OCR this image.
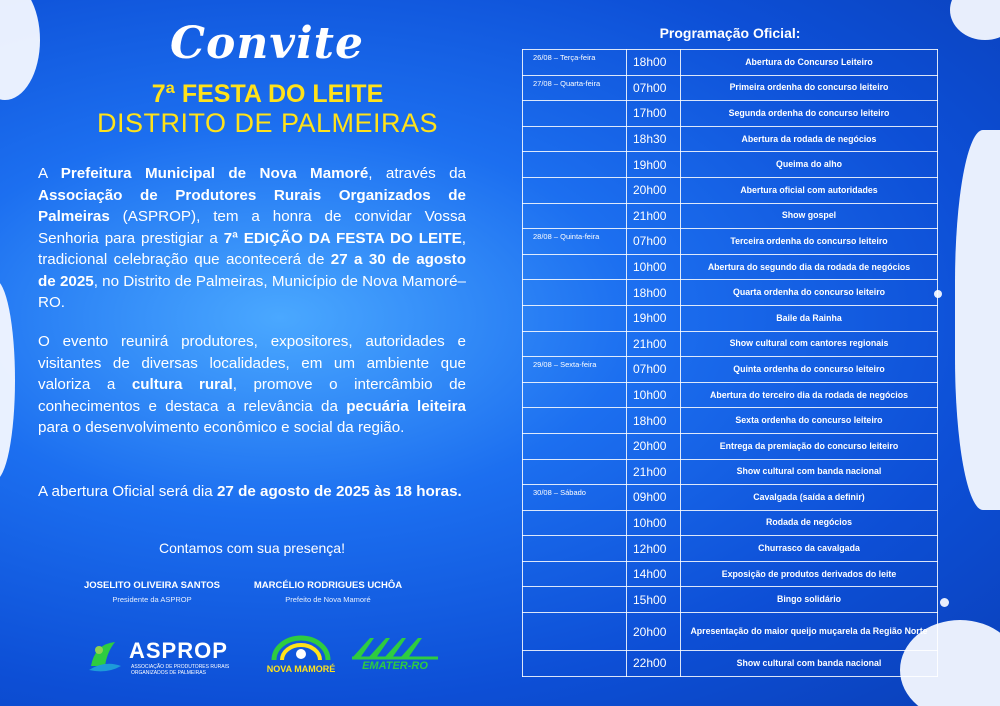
Convite
7ª FESTA DO LEITE
DISTRITO DE PALMEIRAS
A Prefeitura Municipal de Nova Mamoré, através da Associação de Produtores Rurais Organizados de Palmeiras (ASPROP), tem a honra de convidar Vossa Senhoria para prestigiar a 7ª EDIÇÃO DA FESTA DO LEITE, tradicional celebração que acontecerá de 27 a 30 de agosto de 2025, no Distrito de Palmeiras, Município de Nova Mamoré–RO.
O evento reunirá produtores, expositores, autoridades e visitantes de diversas localidades, em um ambiente que valoriza a cultura rural, promove o intercâmbio de conhecimentos e destaca a relevância da pecuária leiteira para o desenvolvimento econômico e social da região.
A abertura Oficial será dia 27 de agosto de 2025 às 18 horas.
Contamos com sua presença!
JOSELITO OLIVEIRA SANTOS
Presidente da ASPROP
MARCÉLIO RODRIGUES UCHÔA
Prefeito de Nova Mamoré
ASPROP
ASSOCIAÇÃO DE PRODUTORES RURAIS ORGANIZADOS DE PALMEIRAS	NOVA MAMORÉ	EMATER-RO
Programação Oficial:
26/08 – Terça-feira	18h00	Abertura do Concurso Leiteiro
27/08 – Quarta-feira	07h00	Primeira ordenha do concurso leiteiro
	17h00	Segunda ordenha do concurso leiteiro
	18h30	Abertura da rodada de negócios
	19h00	Queima do alho
	20h00	Abertura oficial com autoridades
	21h00	Show gospel
28/08 – Quinta-feira	07h00	Terceira ordenha do concurso leiteiro
	10h00	Abertura do segundo dia da rodada de negócios
	18h00	Quarta ordenha do concurso leiteiro
	19h00	Baile da Rainha
	21h00	Show cultural com cantores regionais
29/08 – Sexta-feira	07h00	Quinta ordenha do concurso leiteiro
	10h00	Abertura do terceiro dia da rodada de negócios
	18h00	Sexta ordenha do concurso leiteiro
	20h00	Entrega da premiação do concurso leiteiro
	21h00	Show cultural com banda nacional
30/08 – Sábado	09h00	Cavalgada (saída a definir)
	10h00	Rodada de negócios
	12h00	Churrasco da cavalgada
	14h00	Exposição de produtos derivados do leite
	15h00	Bingo solidário
	20h00	Apresentação do maior queijo muçarela da Região Norte
	22h00	Show cultural com banda nacional
